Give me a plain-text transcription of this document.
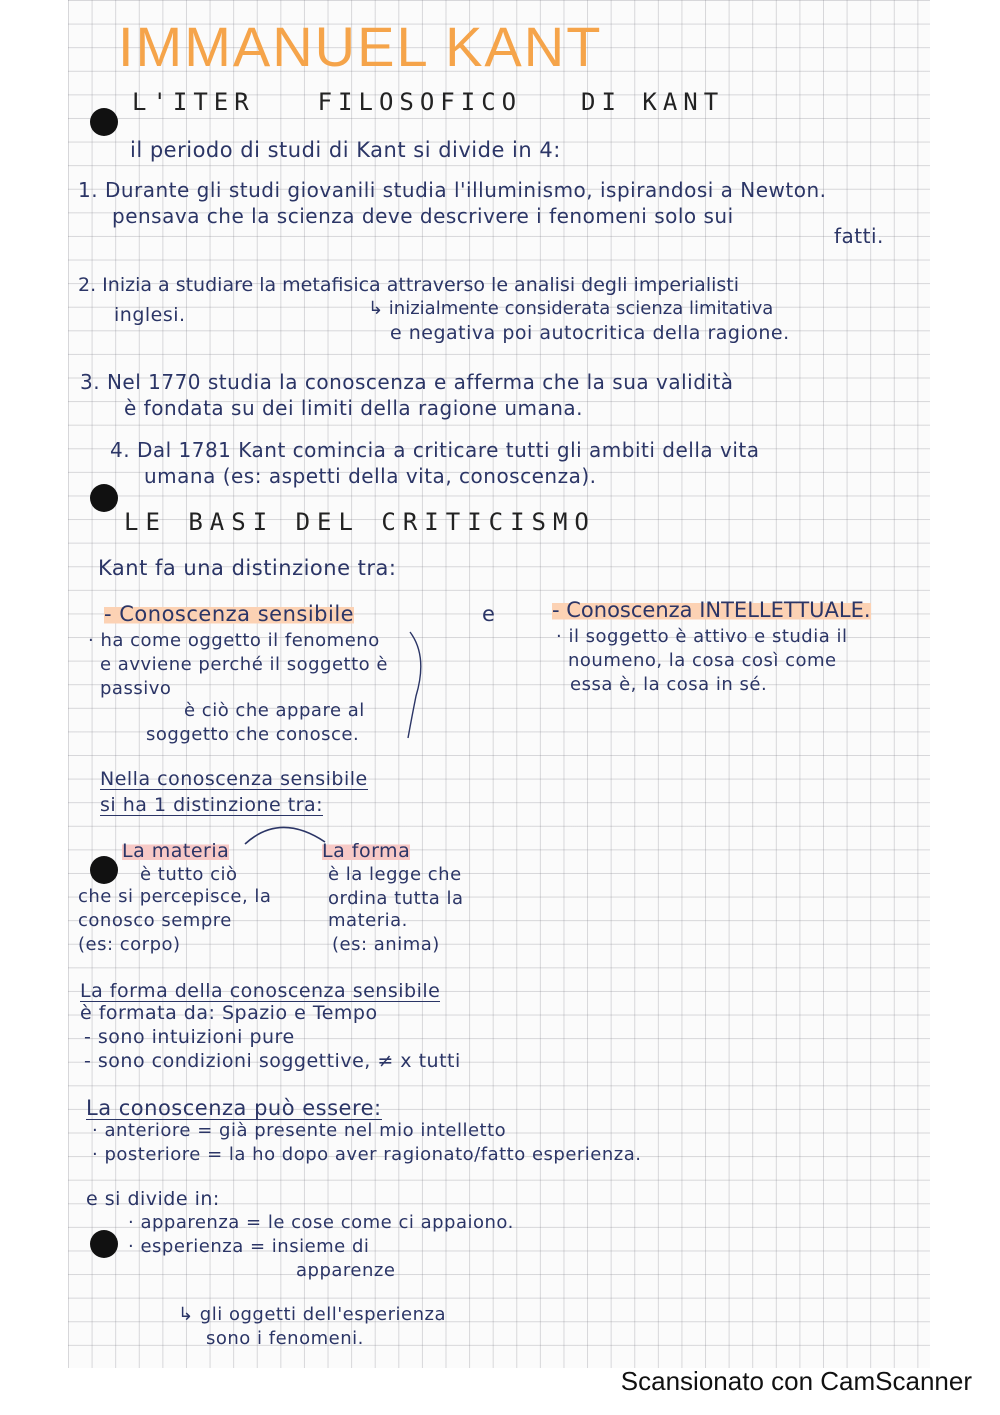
IMMANUEL KANT
L'ITER	FILOSOFICO DI KANT
il periodo di studi di Kant si divide in 4:
1. Durante gli studi giovanili studia l'illuminismo, ispirandosi a Newton.
pensava che la scienza deve descrivere i fenomeni solo sui
fatti.
2. Inizia a studiare la metafisica attraverso le analisi degli imperialisti
inglesi.	↳ inizialmente considerata scienza limitativa
e negativa poi autocritica della ragione.
3. Nel 1770 studia la conoscenza e afferma che la sua validità
è fondata su dei limiti della ragione umana.
4. Dal 1781 Kant comincia a criticare tutti gli ambiti della vita
umana (es: aspetti della vita, conoscenza).
LE BASI DEL CRITICISMO
Kant fa una distinzione tra:
- Conoscenza sensibile	e	- Conoscenza INTELLETTUALE.
· ha come oggetto il fenomeno
e avviene perché il soggetto è
passivo
è ciò che appare al
soggetto che conosce.
· il soggetto è attivo e studia il
noumeno, la cosa così come
essa è, la cosa in sé.
Nella conoscenza sensibile
si ha 1 distinzione tra:
La materia
è tutto ciò
che si percepisce, la
conosco sempre
(es: corpo)
La forma
è la legge che
ordina tutta la
materia.
(es: anima)
La forma della conoscenza sensibile
è formata da: Spazio e Tempo
- sono intuizioni pure
- sono condizioni soggettive, ≠ x tutti
La conoscenza può essere:
· anteriore = già presente nel mio intelletto
· posteriore = la ho dopo aver ragionato/fatto esperienza.
e si divide in:
· apparenza = le cose come ci appaiono.
· esperienza = insieme di
apparenze
↳ gli oggetti dell'esperienza
sono i fenomeni.
Scansionato con CamScanner
